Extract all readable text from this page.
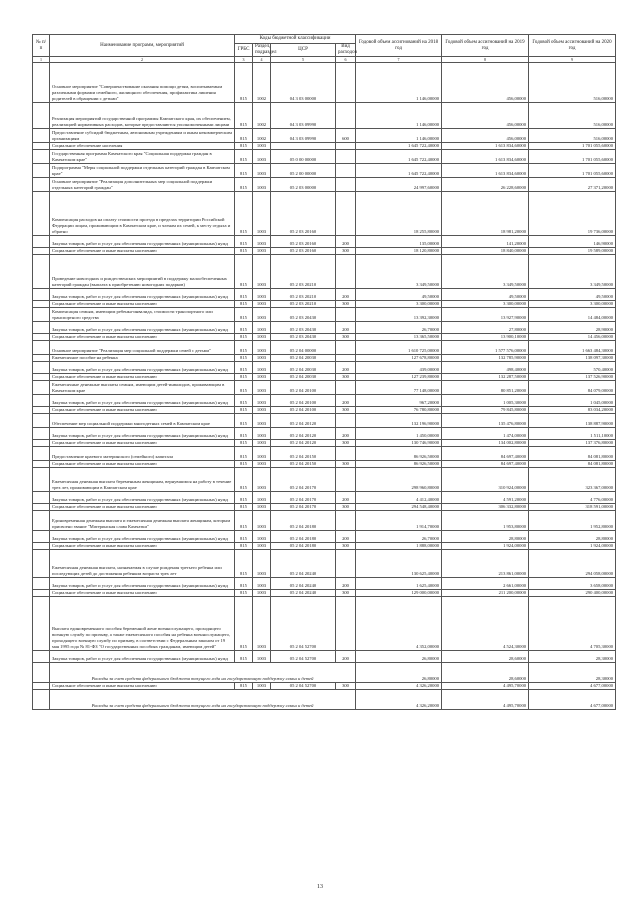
№ п/п	Наименование программ, мероприятий	Коды бюджетной классификации				Годовой объем ассигнований на 2018 год	Годовой объем ассигнований на 2019 год	Годовой объем ассигнований на 2020 год
		ГРБС	Раздел, подраздел	ЦСР	Вид расходов			
1	2	3	4	5	6	7	8	9
	Основное мероприятие "Совершенствование оказания помощи детям, воспитываемым различными формами семейного, жилищного обеспечения, профилактика лишения родителей в обращении с детьми"	815	1002	04 3 03 00000		1 146,00000	456,00000	516,00000
	Реализация мероприятий государственной программы Камчатского края, их обеспечением, реализацией нормативных расходов, которые предоставляются уполномоченными лицами	815	1002	04 3 03 09990		1 146,00000	456,00000	516,00000
	Предоставление субсидий бюджетным, автономным учреждениям и иным некоммерческим организациям	815	1002	04 3 03 09990	600	1 146,00000	456,00000	516,00000
	Социальное обеспечение населения	815	1003			1 645 722,40000	1 613 834,60000	1 701 055,60000
	Государственная программа Камчатского края "Социальная поддержка граждан в Камчатском крае"	815	1003	05 0 00 00000		1 645 722,40000	1 613 834,60000	1 701 055,60000
	Подпрограмма "Меры социальной поддержки отдельных категорий граждан в Камчатском крае"	815	1003	05 2 00 00000		1 645 722,40000	1 613 834,60000	1 701 055,60000
	Основное мероприятие "Реализация дополнительных мер социальной поддержки отдельных категорий граждан"	815	1003	05 2 03 00000		24 997,60000	26 228,60000	27 371,20000
	Компенсация расходов на оплату стоимости проезда в пределах территории Российской Федерации лицам, проживающим в Камчатском крае, и членам их семей, к месту отдыха и обратно	815	1003	05 2 03 20160		18 255,80000	18 981,20000	19 736,00000
	Закупка товаров, работ и услуг для обеспечения государственных (муниципальных) нужд	815	1003	05 2 03 20160	200	135,00000	141,20000	146,90000
	Социальное обеспечение и иные выплаты населению	815	1003	05 2 03 20160	300	18 120,80000	18 840,00000	19 589,00000
	Проведение новогодних и рождественских мероприятий в поддержку малообеспеченных категорий граждан (выплата к приобретению новогодних подарков)	815	1003	05 2 03 20210		3 349,50000	3 349,50000	3 349,50000
	Закупка товаров, работ и услуг для обеспечения государственных (муниципальных) нужд	815	1003	05 2 03 20210	200	49,50000	49,50000	49,50000
	Социальное обеспечение и иные выплаты населению	815	1003	05 2 03 20210	300	3 300,00000	3 300,00000	3 300,00000
	Компенсация семьям, имеющим ребенка-инвалида, стоимости транспортного или транспортного средства	815	1003	05 2 03 20430		13 392,30000	13 927,90000	14 484,00000
	Закупка товаров, работ и услуг для обеспечения государственных (муниципальных) нужд	815	1003	05 2 03 20430	200	26,70000	27,80000	28,90000
	Социальное обеспечение и иные выплаты населению	815	1003	05 2 03 20430	300	13 365,50000	13 900,10000	14 456,00000
	Основное мероприятие "Реализация мер социальной поддержки семей с детьми"	815	1003	05 2 04 00000		1 610 725,00000	1 577 576,00000	1 663 484,30000
	Ежемесячное пособие на ребенка	815	1003	05 2 04 20030		127 678,80000	132 785,90000	138 097,30000
	Закупка товаров, работ и услуг для обеспечения государственных (муниципальных) нужд	815	1003	05 2 04 20030	200	439,00000	498,40000	570,40000
	Социальное обеспечение и иные выплаты населению	815	1003	05 2 04 20030	300	127 239,80000	132 287,50000	137 526,90000
	Ежемесячные денежные выплаты семьям, имеющим детей-инвалидов, проживающим в Камчатском крае	815	1003	05 2 04 20100		77 148,00000	80 851,20000	84 079,00000
	Закупка товаров, работ и услуг для обеспечения государственных (муниципальных) нужд	815	1003	05 2 04 20100	200	967,20000	1 005,30000	1 045,00000
	Социальное обеспечение и иные выплаты населению	815	1003	05 2 04 20100	300	76 780,80000	79 845,80000	83 034,20000
	Обеспечение мер социальной поддержки многодетных семей в Камчатском крае	815	1003	05 2 04 20120		132 196,90000	135 476,80000	138 887,90000
	Закупка товаров, работ и услуг для обеспечения государственных (муниципальных) нужд	815	1003	05 2 04 20120	200	1 450,00000	1 474,00000	1 511,10000
	Социальное обеспечение и иные выплаты населению	815	1003	05 2 04 20120	300	130 746,90000	134 002,80000	137 376,80000
	Предоставление краевого материнского (семейного) капитала	815	1003	05 2 04 20150		86 926,50000	84 697,40000	84 081,80000
	Социальное обеспечение и иные выплаты населению	815	1003	05 2 04 20150	300	86 926,50000	84 697,40000	84 081,80000
	Ежемесячная денежная выплата беременным женщинам, вернувшимся на работу в течение трех лет, проживающим в Камчатском крае	815	1003	05 2 04 20170		298 960,80000	310 924,00000	323 367,00000
	Закупка товаров, работ и услуг для обеспечения государственных (муниципальных) нужд	815	1003	05 2 04 20170	200	4 412,40000	4 591,20000	4 776,00000
	Социальное обеспечение и иные выплаты населению	815	1003	05 2 04 20170	300	294 548,40000	306 332,80000	318 591,00000
	Единовременная денежная выплата и ежемесячная денежная выплата женщинам, которым присвоено звание "Материнская слава Камчатки"	815	1003	05 2 04 20180		1 914,70000	1 953,80000	1 952,80000
	Закупка товаров, работ и услуг для обеспечения государственных (муниципальных) нужд	815	1003	05 2 04 20180	200	26,70000	28,80000	28,80000
	Социальное обеспечение и иные выплаты населению	815	1003	05 2 04 20180	300	1 888,00000	1 924,00000	1 924,00000
	Ежемесячная денежная выплата, назначаемая в случае рождения третьего ребенка или последующих детей до достижения ребенком возраста трех лет	815	1003	05 2 04 20240		130 625,40000	213 861,00000	294 058,00000
	Закупка товаров, работ и услуг для обеспечения государственных (муниципальных) нужд	815	1003	05 2 04 20240	200	1 625,40000	2 661,00000	3 658,00000
	Социальное обеспечение и иные выплаты населению	815	1003	05 2 04 20240	300	129 000,00000	211 200,00000	290 400,00000
	Выплата единовременного пособия беременной жене военнослужащего, проходящего военную службу по призыву, а также ежемесячного пособия на ребенка военнослужащего, проходящего военную службу по призыву, в соответствии с Федеральным законом от 19 мая 1995 года № 81-ФЗ "О государственных пособиях гражданам, имеющим детей"	815	1003	05 2 04 52700		4 352,00000	4 524,30000	4 705,30000
	Закупка товаров, работ и услуг для обеспечения государственных (муниципальных) нужд	815	1003	05 2 04 52700	200	26,80000	28,60000	28,30000
	Расходы за счет средств федерального бюджета текущего года на государственную поддержку семьи и детей					26,80000	28,60000	28,30000
	Социальное обеспечение и иные выплаты населению	815	1003	05 2 04 52700	300	4 326,20000	4 495,70000	4 677,00000
	Расходы за счет средств федерального бюджета текущего года на государственную поддержку семьи и детей					4 326,20000	4 495,70000	4 677,00000
13
